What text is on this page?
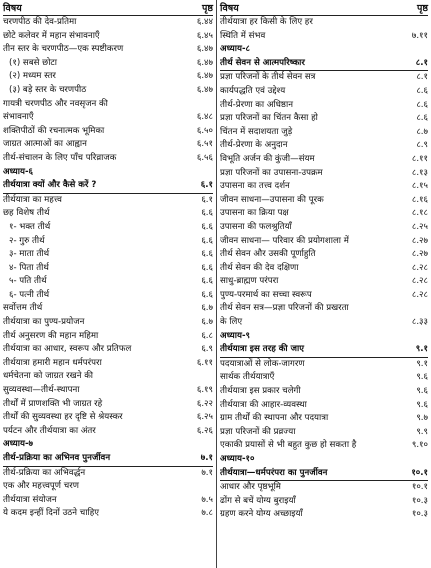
विषय	पृष्ठ
चरणपीठ की देव-प्रतिमा	६.४४
छोटे कलेवर में महान संभावनाएँ	६.४५
तीन स्तर के चरणपीठ—एक स्पष्टीकरण	६.४७
(१) सबसे छोटा	६.४७
(२) मध्यम स्तर	६.४७
(३) बड़े स्तर के चरणपीठ	६.४७
गायत्री चरणपीठ और नवसृजन की
संभावनाएँ	६.४८
शक्तिपीठों की रचनात्मक भूमिका	६.५०
जाग्रत आत्माओं का आह्वान	६.५१
तीर्थ-संचालन के लिए पाँच परिव्राजक	६.५६
अध्याय-६
तीर्थयात्रा क्यों और कैसे करें ?	६.१
तीर्थयात्रा का महत्त्व	६.१
छह विशेष तीर्थ	६.६
१- भक्त तीर्थ	६.६
२- गुरु तीर्थ	६.६
३- माता तीर्थ	६.६
४- पिता तीर्थ	६.६
५- पति तीर्थ	६.६
६- पत्नी तीर्थ	६.६
सर्वोत्तम तीर्थ	६.७
तीर्थयात्रा का पुण्य-प्रयोजन	६.७
तीर्थ अनुसरण की महान महिमा	६.८
तीर्थयात्रा का आधार, स्वरूप और प्रतिफल	६.९
तीर्थयात्रा हमारी महान धर्मपरंपरा	६.११
धर्मचेतना को जाग्रत रखने की
सुव्यवस्था—तीर्थ-स्थापना	६.१९
तीर्थों में प्राणशक्ति भी जाग्रत रहे	६.२२
तीर्थों की सुव्यवस्था हर दृष्टि से श्रेयस्कर	६.२५
पर्यटन और तीर्थयात्रा का अंतर	६.२६
अध्याय-७
तीर्थ-प्रक्रिया का अभिनव पुनर्जीवन	७.१
तीर्थ-प्रक्रिया का अभिवर्द्धन	७.१
एक और महत्त्वपूर्ण चरण
तीर्थयात्रा संयोजन	७.५
ये कदम इन्हीं दिनों उठने चाहिए	७.८
विषय	पृष्ठ
तीर्थयात्रा हर किसी के लिए हर
स्थिति में संभव	७.११
अध्याय-८
तीर्थ सेवन से आत्मपरिष्कार	८.१
प्रज्ञा परिजनों के तीर्थ सेवन सत्र	८.१
कार्यपद्धति एवं उद्देश्य	८.६
तीर्थ-प्रेरणा का अधिष्ठान	८.६
प्रज्ञा परिजनों का चिंतन कैसा हो	८.६
चिंतन में सदाशयता जुड़े	८.७
तीर्थ-प्रेरणा के अनुदान	८.९
विभूति अर्जन की कुंजी—संयम	८.११
प्रज्ञा परिजनों का उपासना-उपक्रम	८.१३
उपासना का तत्त्व दर्शन	८.१५
जीवन साधना—उपासना की पूरक	८.१६
उपासना का क्रिया पक्ष	८.१८
उपासना की फलश्रुतियाँ	८.२५
जीवन साधना— परिवार की प्रयोगशाला में	८.२७
तीर्थ सेवन और उसकी पूर्णाहुति	८.२७
तीर्थ सेवन की देव दक्षिणा	८.२८
साधु-ब्राह्मण परंपरा	८.२८
पुण्य-परमार्थ का सच्चा स्वरूप	८.२८
तीर्थ सेवन सत्र—प्रज्ञा परिजनों की प्रखरता
के लिए	८.३३
अध्याय-९
तीर्थयात्रा इस तरह की जाए	९.१
पदयात्राओं से लोक-जागरण	९.१
सार्थक तीर्थयात्राएँ	९.६
तीर्थयात्रा इस प्रकार चलेगी	९.६
तीर्थयात्रा की आहार-व्यवस्था	९.६
ग्राम तीर्थों की स्थापना और पदयात्रा	९.७
प्रज्ञा परिजनों की प्रव्रज्या	९.९
एकाकी प्रयासों से भी बहुत कुछ हो सकता है	९.१०
अध्याय-१०
तीर्थयात्रा—धर्मपरंपरा का पुनर्जीवन	१०.१
आधार और पृष्ठभूमि	१०.१
ढोंग से बचें योग्य बुराइयाँ	१०.३
ग्रहण करने योग्य अच्छाइयाँ	१०.३
